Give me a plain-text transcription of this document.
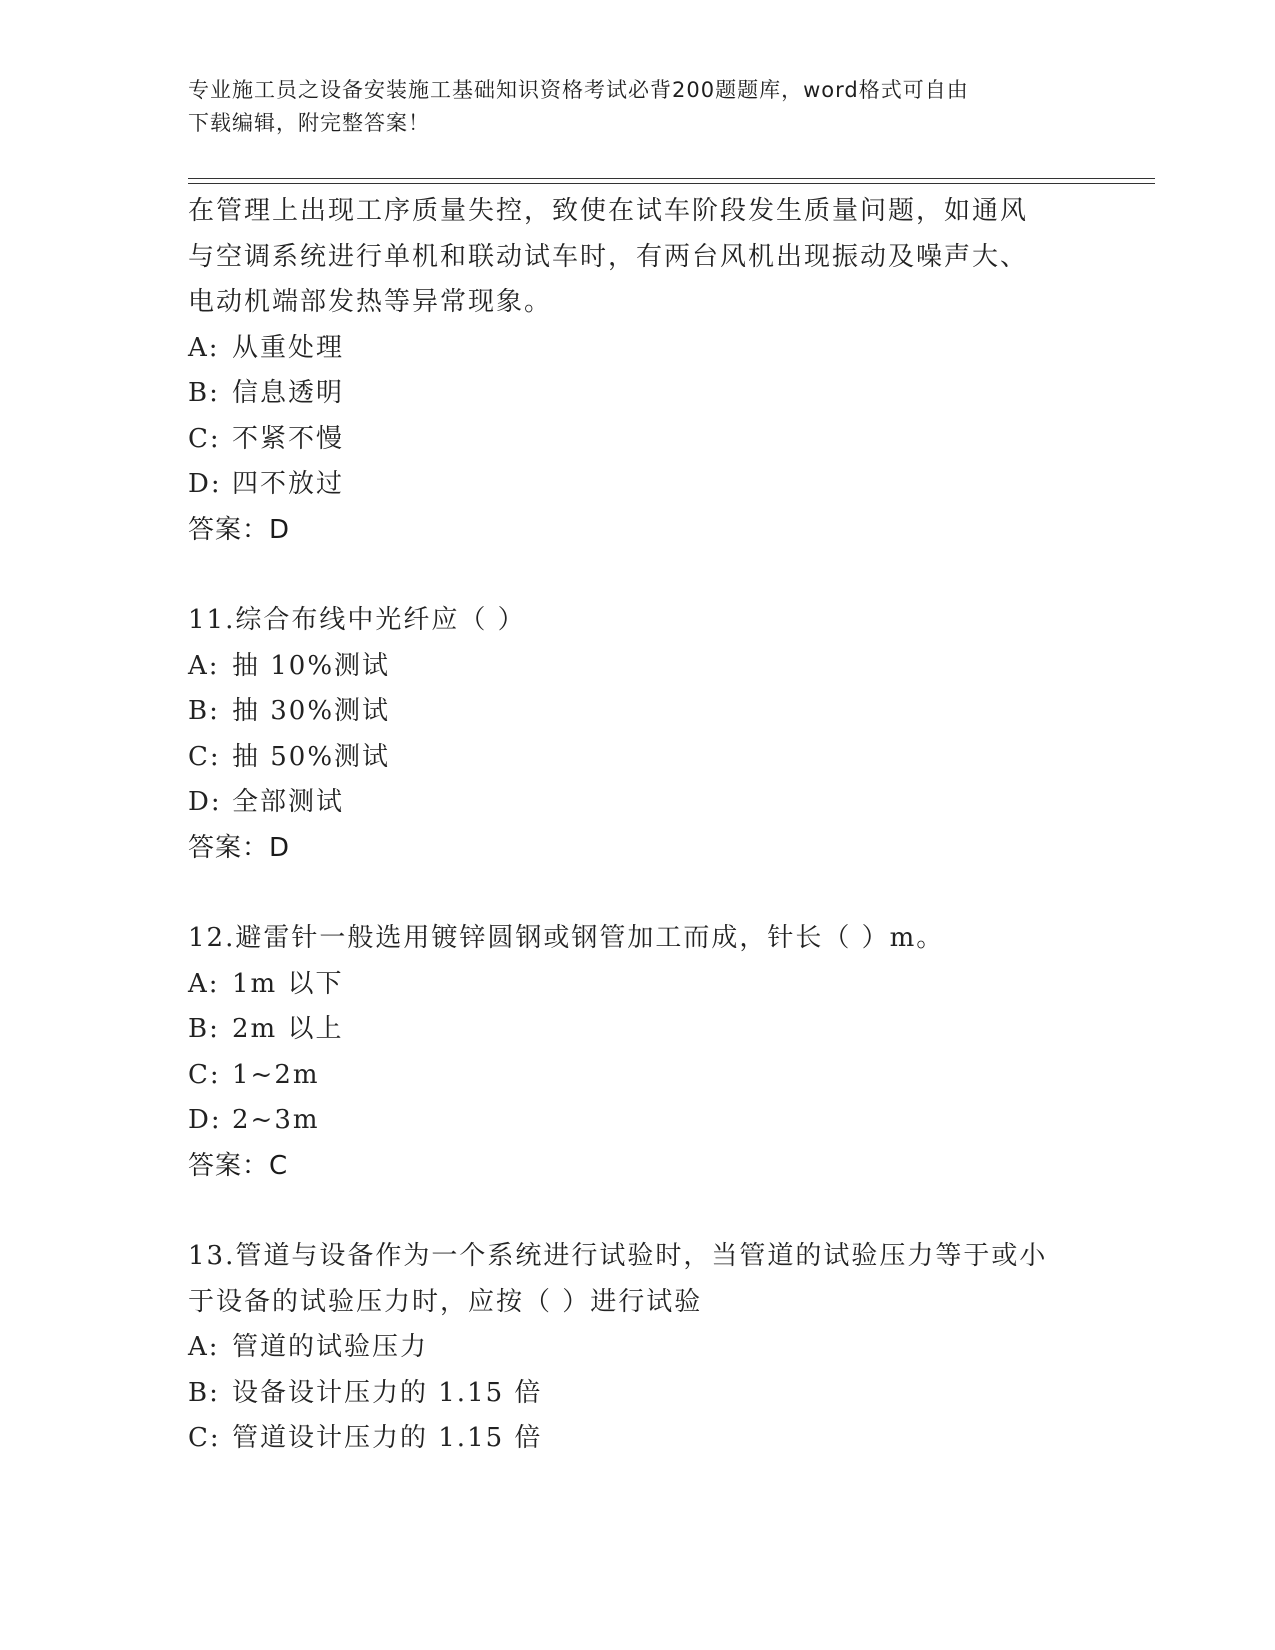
专业施工员之设备安装施工基础知识资格考试必背200题题库，word格式可自由
下载编辑，附完整答案！
在管理上出现工序质量失控，致使在试车阶段发生质量问题，如通风
与空调系统进行单机和联动试车时，有两台风机出现振动及噪声大、
电动机端部发热等异常现象。
A: 从重处理
B: 信息透明
C: 不紧不慢
D: 四不放过
答案：D
11.综合布线中光纤应（ ）
A: 抽 10%测试
B: 抽 30%测试
C: 抽 50%测试
D: 全部测试
答案：D
12.避雷针一般选用镀锌圆钢或钢管加工而成，针长（ ）m。
A: 1m 以下
B: 2m 以上
C: 1~2m
D: 2~3m
答案：C
13.管道与设备作为一个系统进行试验时，当管道的试验压力等于或小
于设备的试验压力时，应按（ ）进行试验
A: 管道的试验压力
B: 设备设计压力的 1.15 倍
C: 管道设计压力的 1.15 倍
